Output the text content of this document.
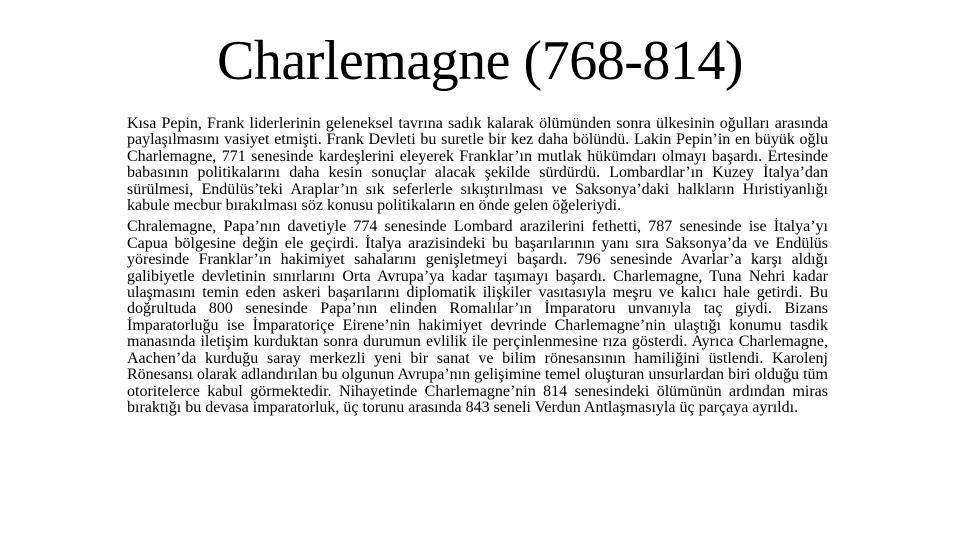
Charlemagne (768-814)

Kısa Pepin, Frank liderlerinin geleneksel tavrına sadık kalarak ölümünden sonra ülkesinin oğulları arasında paylaşılmasını vasiyet etmişti. Frank Devleti bu suretle bir kez daha bölündü. Lakin Pepin’in en büyük oğlu Charlemagne, 771 senesinde kardeşlerini eleyerek Franklar’ın mutlak hükümdarı olmayı başardı. Ertesinde babasının politikalarını daha kesin sonuçlar alacak şekilde sürdürdü. Lombardlar’ın Kuzey İtalya’dan sürülmesi, Endülüs’teki Araplar’ın sık seferlerle sıkıştırılması ve Saksonya’daki halkların Hıristiyanlığı kabule mecbur bırakılması söz konusu politikaların en önde gelen öğeleriydi.

Chralemagne, Papa’nın davetiyle 774 senesinde Lombard arazilerini fethetti, 787 senesinde ise İtalya’yı Capua bölgesine değin ele geçirdi. İtalya arazisindeki bu başarılarının yanı sıra Saksonya’da ve Endülüs yöresinde Franklar’ın hakimiyet sahalarını genişletmeyi başardı. 796 senesinde Avarlar’a karşı aldığı galibiyetle devletinin sınırlarını Orta Avrupa’ya kadar taşımayı başardı. Charlemagne, Tuna Nehri kadar ulaşmasını temin eden askeri başarılarını diplomatik ilişkiler vasıtasıyla meşru ve kalıcı hale getirdi. Bu doğrultuda 800 senesinde Papa’nın elinden Romalılar’ın İmparatoru unvanıyla taç giydi. Bizans İmparatorluğu ise İmparatoriçe Eirene’nin hakimiyet devrinde Charlemagne’nin ulaştığı konumu tasdik manasında iletişim kurduktan sonra durumun evlilik ile perçinlenmesine rıza gösterdi. Ayrıca Charlemagne, Aachen’da kurduğu saray merkezli yeni bir sanat ve bilim rönesansının hamiliğini üstlendi. Karolenj Rönesansı olarak adlandırılan bu olgunun Avrupa’nın gelişimine temel oluşturan unsurlardan biri olduğu tüm otoritelerce kabul görmektedir. Nihayetinde Charlemagne’nin 814 senesindeki ölümünün ardından miras bıraktığı bu devasa imparatorluk, üç torunu arasında 843 seneli Verdun Antlaşmasıyla üç parçaya ayrıldı.
